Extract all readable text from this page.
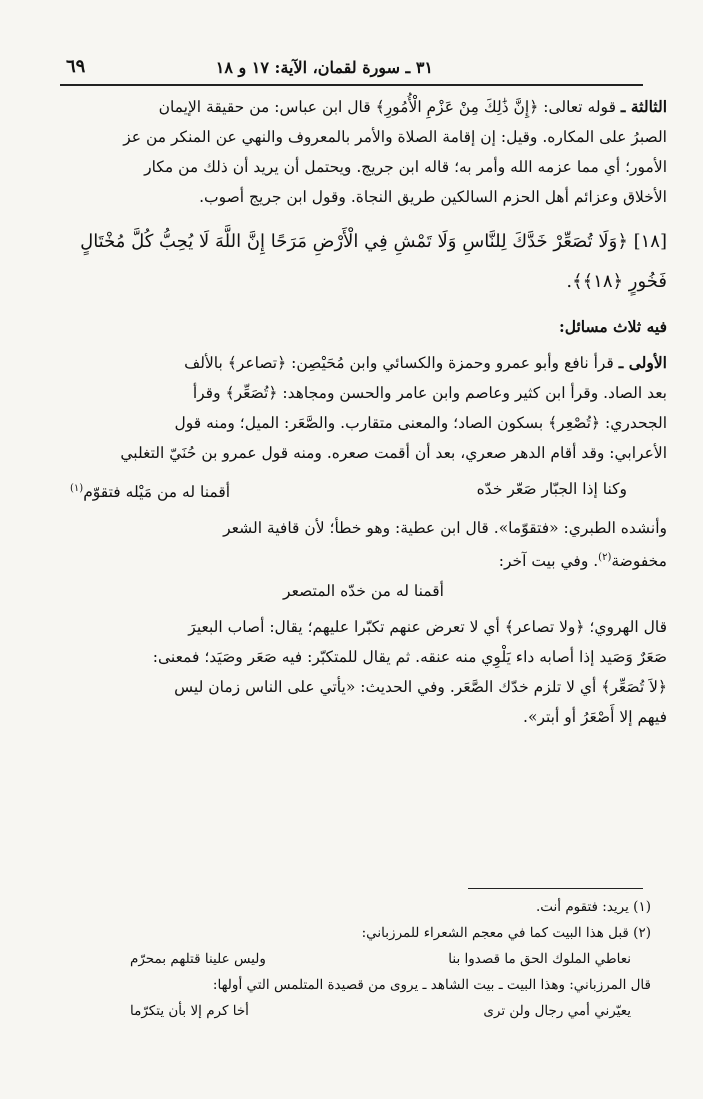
٣١ ـ سورة لقمان، الآية: ١٧ و ١٨
٦٩

الثالثة ـ قوله تعالى: ﴿إِنَّ ذَٰلِكَ مِنْ عَزْمِ الْأُمُورِ﴾ قال ابن عباس: من حقيقة الإيمان

الصبرُ على المكاره. وقيل: إن إقامة الصلاة والأمر بالمعروف والنهي عن المنكر من عز

الأمور؛ أي مما عزمه الله وأمر به؛ قاله ابن جريج. ويحتمل أن يريد أن ذلك من مكار

الأخلاق وعزائم أهل الحزم السالكين طريق النجاة. وقول ابن جريج أصوب.

[١٨] ﴿وَلَا تُصَعِّرْ خَدَّكَ لِلنَّاسِ وَلَا تَمْشِ فِي الْأَرْضِ مَرَحًا إِنَّ اللَّهَ لَا يُحِبُّ كُلَّ مُخْتَالٍ

فَخُورٍ ﴿١٨﴾﴾.

فيه ثلاث مسائل:

الأولى ـ قرأ نافع وأبو عمرو وحمزة والكسائي وابن مُحَيْصِن: ﴿تصاعر﴾ بالألف

بعد الصاد. وقرأ ابن كثير وعاصم وابن عامر والحسن ومجاهد: ﴿تُصَعِّر﴾ وقرأ

الجحدري: ﴿تُصْعِر﴾ بسكون الصاد؛ والمعنى متقارب. والصَّعَر: الميل؛ ومنه قول

الأعرابي: وقد أقام الدهر صعري، بعد أن أقمت صعره. ومنه قول عمرو بن حُنَيّ التغلبي

وكنا إذا الجبّار صَعّر خدّه
أقمنا له من مَيْله فتقوّم$^{(١)}$

وأنشده الطبري: «فتقوّما». قال ابن عطية: وهو خطأ؛ لأن قافية الشعر

مخفوضة$^{(٢)}$. وفي بيت آخر:

أقمنا له من خدّه المتصعر

قال الهروي؛ ﴿ولا تصاعر﴾ أي لا تعرض عنهم تكبّرا عليهم؛ يقال: أصاب البعيرَ

صَعَرٌ وَصَيد إذا أصابه داء يَلْوِي منه عنقه. ثم يقال للمتكبّر: فيه صَعَر وصَيَد؛ فمعنى:

﴿لاَ تُصَعِّر﴾ أي لا تلزم خدّك الصَّعَر. وفي الحديث: «يأتي على الناس زمان ليس

فيهم إلا أَصْعَرُ أو أبتر».

(١) يريد: فتقوم أنت.

(٢) قبل هذا البيت كما في معجم الشعراء للمرزباني:

نعاطي الملوك الحق ما قصدوا بنا
وليس علينا قتلهم بمحرّم

قال المرزباني: وهذا البيت ـ بيت الشاهد ـ يروى من قصيدة المتلمس التي أولها:

يعيّرني أمي رجال ولن ترى
أخا كرم إلا بأن يتكرّما
